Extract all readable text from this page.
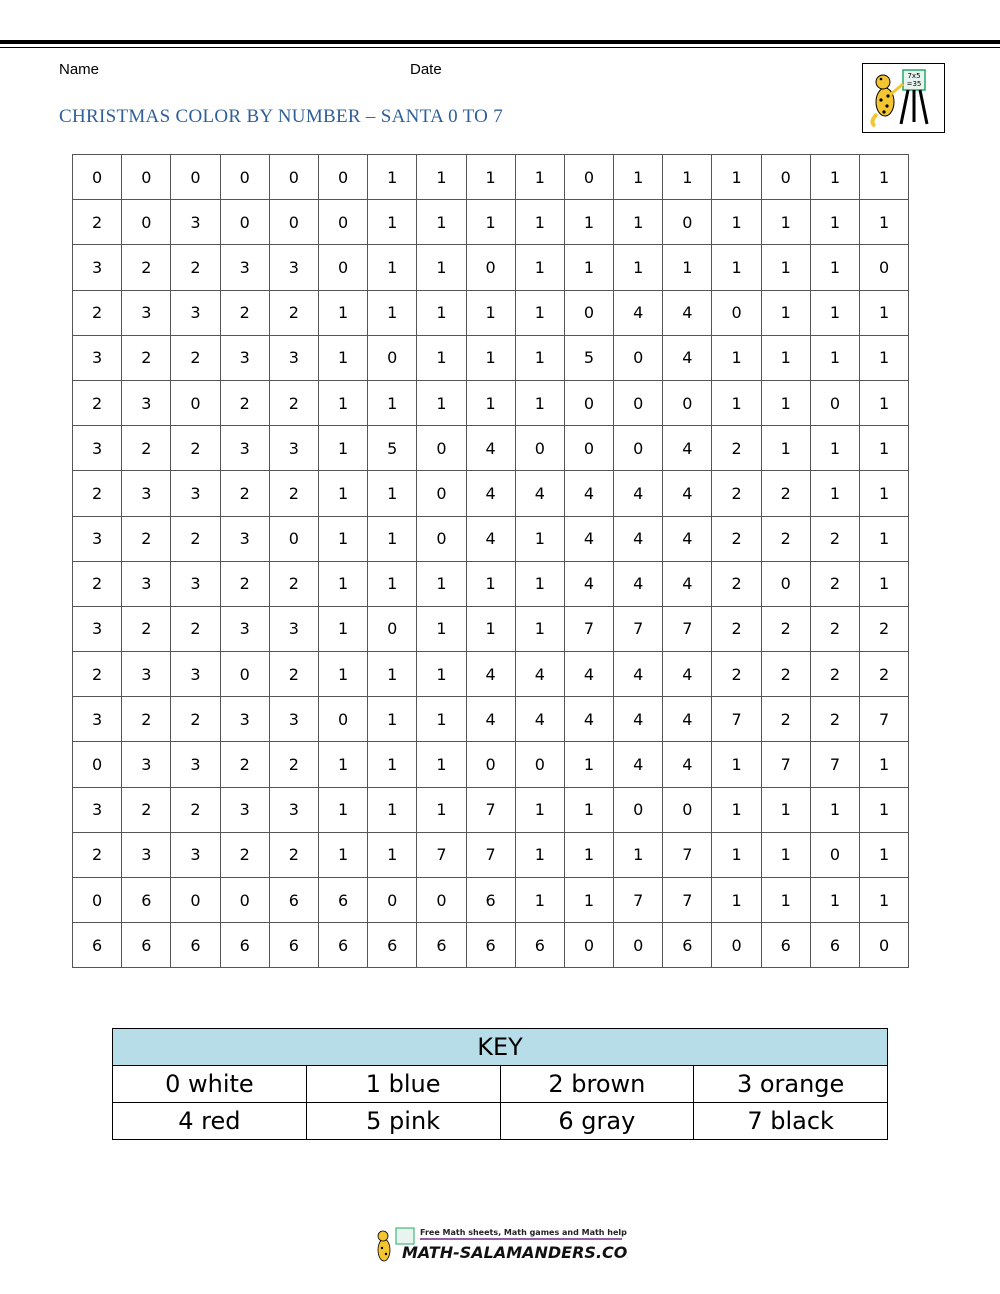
Name	Date
CHRISTMAS COLOR BY NUMBER – SANTA 0 TO 7
7x5
=35
0	0	0	0	0	0	1	1	1	1	0	1	1	1	0	1	1
2	0	3	0	0	0	1	1	1	1	1	1	0	1	1	1	1
3	2	2	3	3	0	1	1	0	1	1	1	1	1	1	1	0
2	3	3	2	2	1	1	1	1	1	0	4	4	0	1	1	1
3	2	2	3	3	1	0	1	1	1	5	0	4	1	1	1	1
2	3	0	2	2	1	1	1	1	1	0	0	0	1	1	0	1
3	2	2	3	3	1	5	0	4	0	0	0	4	2	1	1	1
2	3	3	2	2	1	1	0	4	4	4	4	4	2	2	1	1
3	2	2	3	0	1	1	0	4	1	4	4	4	2	2	2	1
2	3	3	2	2	1	1	1	1	1	4	4	4	2	0	2	1
3	2	2	3	3	1	0	1	1	1	7	7	7	2	2	2	2
2	3	3	0	2	1	1	1	4	4	4	4	4	2	2	2	2
3	2	2	3	3	0	1	1	4	4	4	4	4	7	2	2	7
0	3	3	2	2	1	1	1	0	0	1	4	4	1	7	7	1
3	2	2	3	3	1	1	1	7	1	1	0	0	1	1	1	1
2	3	3	2	2	1	1	7	7	1	1	1	7	1	1	0	1
0	6	0	0	6	6	0	0	6	1	1	7	7	1	1	1	1
6	6	6	6	6	6	6	6	6	6	0	0	6	0	6	6	0
KEY			
0 white	1 blue	2 brown	3 orange
4 red	5 pink	6 gray	7 black
Free Math sheets, Math games and Math help
MATH-SALAMANDERS.COM
